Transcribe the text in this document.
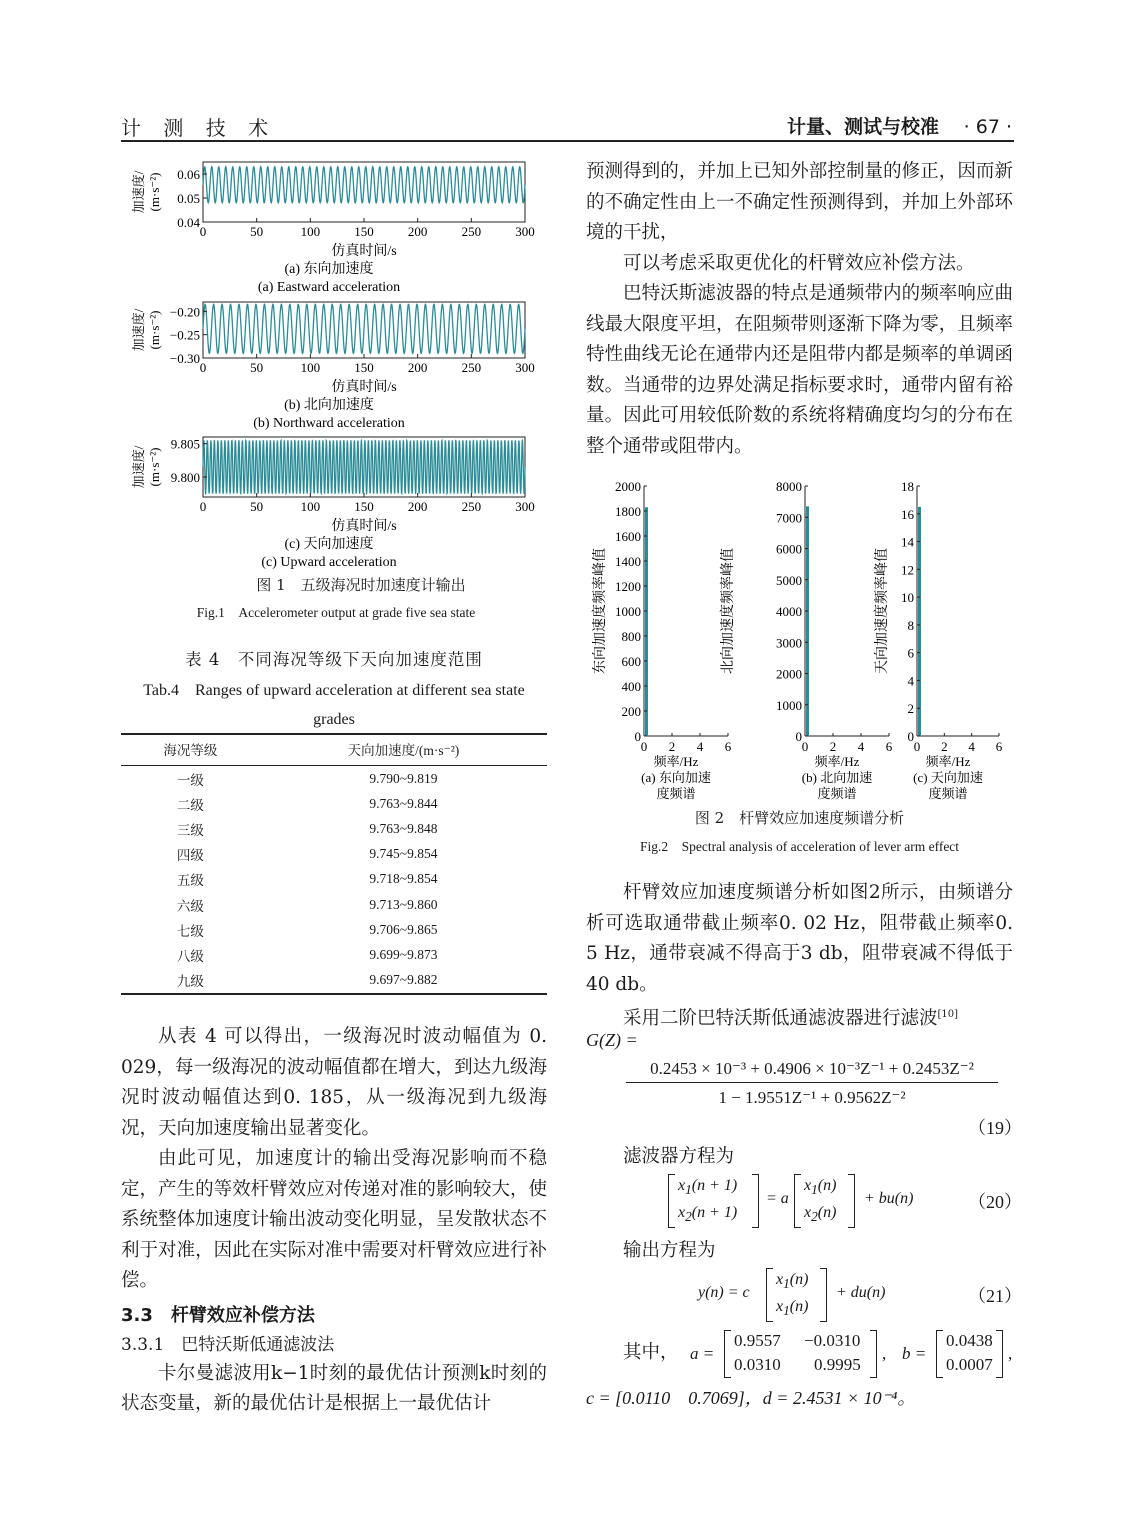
计 测 技 术	计量、测试与校准 · 67 ·
0.06
0.05
0.04
0	50	100	150	200	250	300
加速度/ (m·s⁻²)
仿真时间/s
(a) 东向加速度
(a) Eastward acceleration
−0.20
−0.25
−0.30
0	50	100	150	200	250	300
加速度/ (m·s⁻²)
仿真时间/s
(b) 北向加速度
(b) Northward acceleration
9.805
9.800
0	50	100	150	200	250	300
加速度/ (m·s⁻²)
仿真时间/s
(c) 天向加速度
(c) Upward acceleration
图 1　五级海况时加速度计输出
Fig.1　Accelerometer output at grade five sea state
表 4　不同海况等级下天向加速度范围
Tab.4　Ranges of upward acceleration at different sea state grades
海况等级	天向加速度/(m·s⁻²)
一级	9.790~9.819
二级	9.763~9.844
三级	9.763~9.848
四级	9.745~9.854
五级	9.718~9.854
六级	9.713~9.860
七级	9.706~9.865
八级	9.699~9.873
九级	9.697~9.882

从表 4 可以得出，一级海况时波动幅值为 0. 029，每一级海况的波动幅值都在增大，到达九级海况时波动幅值达到0. 185，从一级海况到九级海况，天向加速度输出显著变化。

由此可见，加速度计的输出受海况影响而不稳定，产生的等效杆臂效应对传递对准的影响较大，使系统整体加速度计输出波动变化明显，呈发散状态不利于对准，因此在实际对准中需要对杆臂效应进行补偿。

3.3　杆臂效应补偿方法
3.3.1　巴特沃斯低通滤波法

卡尔曼滤波用k−1时刻的最优估计预测k时刻的状态变量，新的最优估计是根据上一最优估计

预测得到的，并加上已知外部控制量的修正，因而新的不确定性由上一不确定性预测得到，并加上外部环境的干扰，

可以考虑采取更优化的杆臂效应补偿方法。

巴特沃斯滤波器的特点是通频带内的频率响应曲线最大限度平坦，在阻频带则逐渐下降为零，且频率特性曲线无论在通带内还是阻带内都是频率的单调函数。当通带的边界处满足指标要求时，通带内留有裕量。因此可用较低阶数的系统将精确度均匀的分布在整个通带或阻带内。

2000
1800
1600
1400
1200
1000
800
600
400
200
0
0 2 4 6
东向加速度频率峰值
频率/Hz
(a) 东向加速
度频谱
8000
7000
6000
5000
4000
3000
2000
1000
0
0 2 4 6
北向加速度频率峰值
频率/Hz
(b) 北向加速
度频谱
18
16
14
12
10
8
6
4
2
0
0 2 4 6
天向加速度频率峰值
频率/Hz
(c) 天向加速
度频谱
图 2　杆臂效应加速度频谱分析
Fig.2　Spectral analysis of acceleration of lever arm effect

杆臂效应加速度频谱分析如图2所示，由频谱分析可选取通带截止频率0. 02 Hz，阻带截止频率0. 5 Hz，通带衰减不得高于3 db，阻带衰减不得低于40 db。

采用二阶巴特沃斯低通滤波器进行滤波[10]

G(Z) =
0.2453 × 10⁻³ + 0.4906 × 10⁻³Z⁻¹ + 0.2453Z⁻²
1 − 1.9551Z⁻¹ + 0.9562Z⁻²
（19）
滤波器方程为
$x_1(n + 1)$
$x_2(n + 1)$
= a
$x_1(n)$
$x_2(n)$
+ bu(n)	（20）
输出方程为
y(n) = c
$x_1(n)$
$x_1(n)$
+ du(n)	（21）
其中， a =
0.9557 −0.0310
0.0310 0.9995
, b =
0.0438
0.0007
,
c = [0.0110　0.7069]，d = 2.4531 × 10⁻⁴。
